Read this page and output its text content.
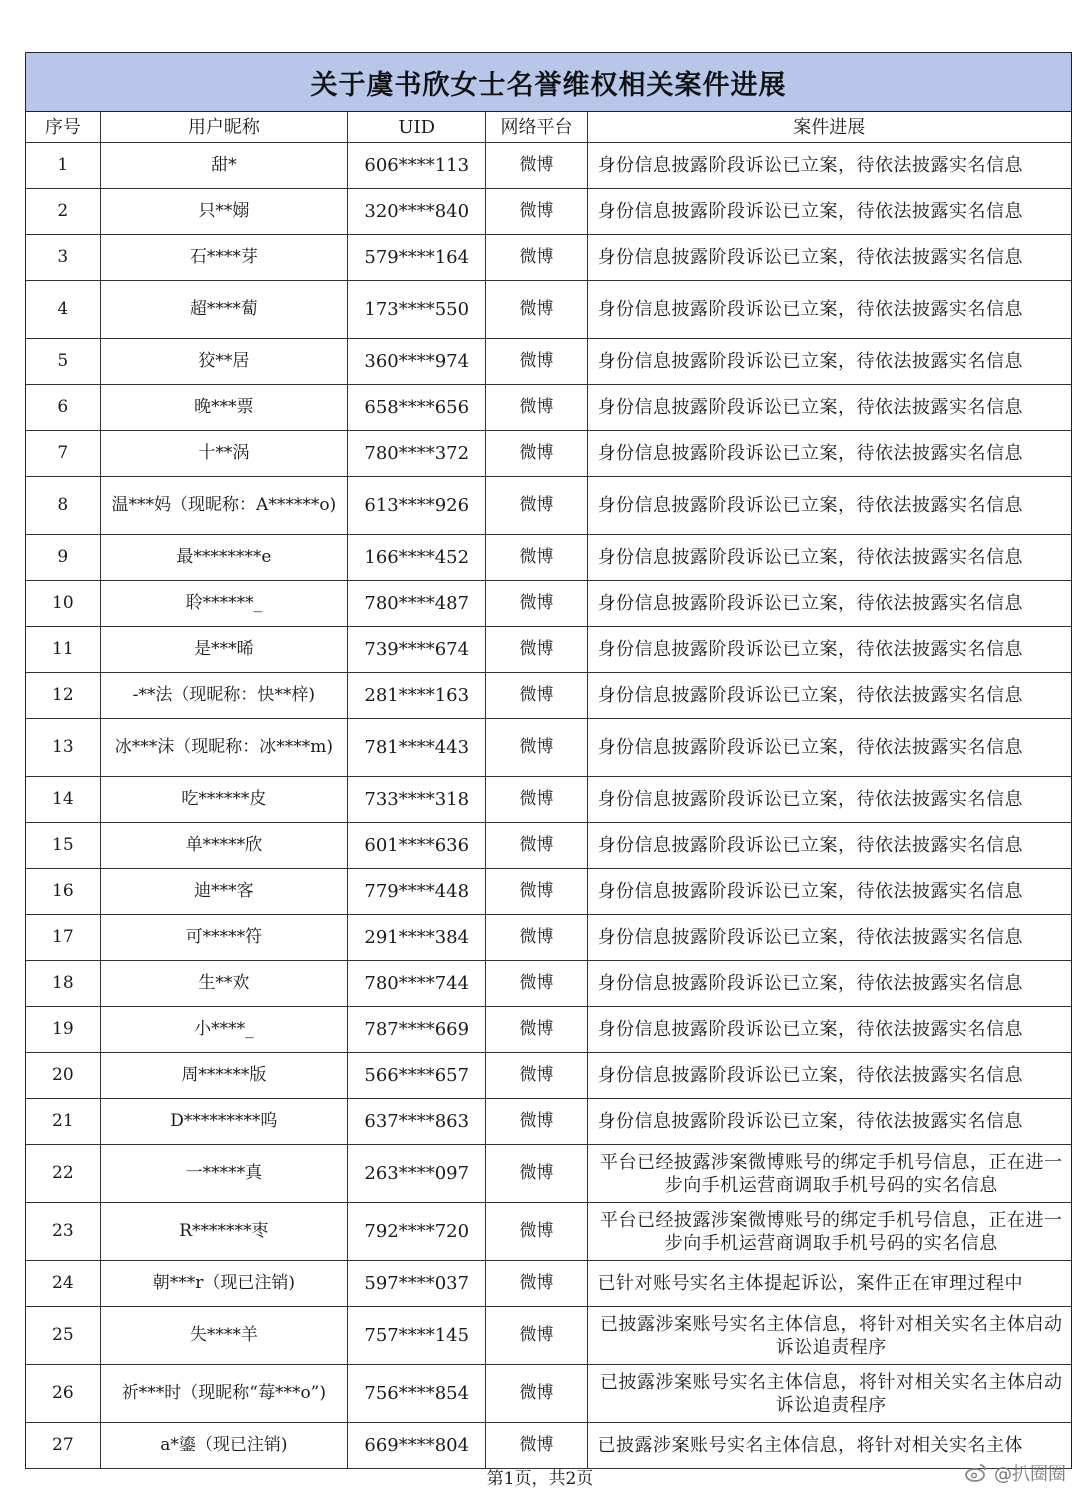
关于虞书欣女士名誉维权相关案件进展
序号	用户昵称	UID	网络平台	案件进展
1	甜*	606****113	微博	身份信息披露阶段诉讼已立案，待依法披露实名信息
2	只**嫋	320****840	微博	身份信息披露阶段诉讼已立案，待依法披露实名信息
3	石****芽	579****164	微博	身份信息披露阶段诉讼已立案，待依法披露实名信息
4	超****蔔	173****550	微博	身份信息披露阶段诉讼已立案，待依法披露实名信息
5	狡**居	360****974	微博	身份信息披露阶段诉讼已立案，待依法披露实名信息
6	晚***票	658****656	微博	身份信息披露阶段诉讼已立案，待依法披露实名信息
7	十**涡	780****372	微博	身份信息披露阶段诉讼已立案，待依法披露实名信息
8	温***妈（现昵称：A******o)	613****926	微博	身份信息披露阶段诉讼已立案，待依法披露实名信息
9	最********e	166****452	微博	身份信息披露阶段诉讼已立案，待依法披露实名信息
10	聆******_	780****487	微博	身份信息披露阶段诉讼已立案，待依法披露实名信息
11	是***晞	739****674	微博	身份信息披露阶段诉讼已立案，待依法披露实名信息
12	-**法（现昵称：快**梓)	281****163	微博	身份信息披露阶段诉讼已立案，待依法披露实名信息
13	冰***沫（现昵称：冰****m)	781****443	微博	身份信息披露阶段诉讼已立案，待依法披露实名信息
14	吃******皮	733****318	微博	身份信息披露阶段诉讼已立案，待依法披露实名信息
15	单*****欣	601****636	微博	身份信息披露阶段诉讼已立案，待依法披露实名信息
16	迪***客	779****448	微博	身份信息披露阶段诉讼已立案，待依法披露实名信息
17	可*****符	291****384	微博	身份信息披露阶段诉讼已立案，待依法披露实名信息
18	生**欢	780****744	微博	身份信息披露阶段诉讼已立案，待依法披露实名信息
19	小****_	787****669	微博	身份信息披露阶段诉讼已立案，待依法披露实名信息
20	周******版	566****657	微博	身份信息披露阶段诉讼已立案，待依法披露实名信息
21	D*********呜	637****863	微博	身份信息披露阶段诉讼已立案，待依法披露实名信息
22	一*****真	263****097	微博	平台已经披露涉案微博账号的绑定手机号信息，正在进一步向手机运营商调取手机号码的实名信息
23	R*******枣	792****720	微博	平台已经披露涉案微博账号的绑定手机号信息，正在进一步向手机运营商调取手机号码的实名信息
24	朝***r（现已注销)	597****037	微博	已针对账号实名主体提起诉讼，案件正在审理过程中
25	失****羊	757****145	微博	已披露涉案账号实名主体信息，将针对相关实名主体启动诉讼追责程序
26	祈***时（现昵称“莓***o”)	756****854	微博	已披露涉案账号实名主体信息，将针对相关实名主体启动诉讼追责程序
27	a*鎏（现已注销)	669****804	微博	已披露涉案账号实名主体信息，将针对相关实名主体
第1页，共2页	@扒圈圈
